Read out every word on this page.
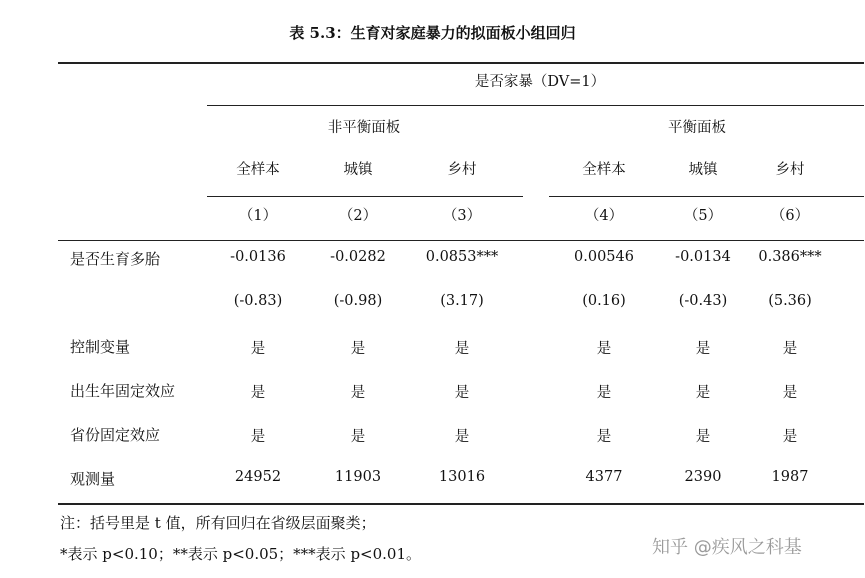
表 5.3：生育对家庭暴力的拟面板小组回归
是否家暴（DV=1）
非平衡面板	平衡面板
全样本	城镇	乡村	全样本	城镇	乡村
（1）	（2）	（3）	（4）	（5）	（6）
是否生育多胎	-0.0136	-0.0282	0.0853***	0.00546	-0.0134 0.386***
(-0.83)	(-0.98)	(3.17)	(0.16)	(-0.43)	(5.36)
控制变量	是	是	是	是	是	是
出生年固定效应	是	是	是	是	是	是
省份固定效应	是	是	是	是	是	是
观测量	24952	11903	13016	4377	2390	1987
注：括号里是 t 值，所有回归在省级层面聚类；
*表示 p<0.10；**表示 p<0.05；***表示 p<0.01。	知乎 @疾风之科基
